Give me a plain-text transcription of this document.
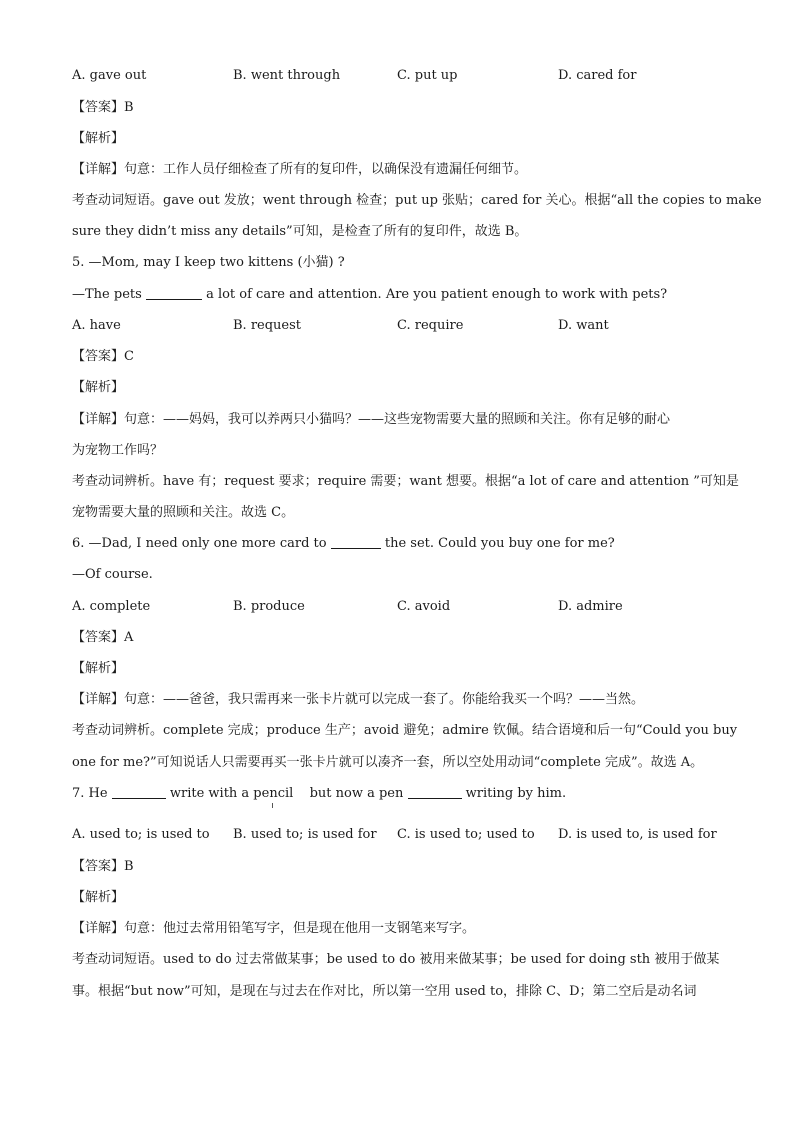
A. gave out	B. went through	C. put up	D. cared for
【答案】B
【解析】
【详解】句意：工作人员仔细检查了所有的复印件，以确保没有遗漏任何细节。
考查动词短语。gave out 发放；went through 检查；put up 张贴；cared for 关心。根据“all the copies to make
sure they didn’t miss any details”可知，是检查了所有的复印件，故选 B。
5. —Mom, may I keep two kittens (小猫) ?
—The pets	a lot of care and attention. Are you patient enough to work with pets?
A. have	B. request	C. require	D. want
【答案】C
【解析】
【详解】句意：——妈妈，我可以养两只小猫吗？——这些宠物需要大量的照顾和关注。你有足够的耐心
为宠物工作吗？
考查动词辨析。have 有；request 要求；require 需要；want 想要。根据“a lot of care and attention ”可知是
宠物需要大量的照顾和关注。故选 C。
6. —Dad, I need only one more card to	the set. Could you buy one for me?
—Of course.
A. complete	B. produce	C. avoid	D. admire
【答案】A
【解析】
【详解】句意：——爸爸，我只需再来一张卡片就可以完成一套了。你能给我买一个吗？——当然。
考查动词辨析。complete 完成；produce 生产；avoid 避免；admire 钦佩。结合语境和后一句“Could you buy
one for me?”可知说话人只需要再买一张卡片就可以凑齐一套，所以空处用动词“complete 完成”。故选 A。
7. He	write with a pencil but now a pen	writing by him.
A. used to; is used to B. used to; is used for C. is used to; used to D. is used to, is used for
【答案】B
【解析】
【详解】句意：他过去常用铅笔写字，但是现在他用一支钢笔来写字。
考查动词短语。used to do 过去常做某事；be used to do 被用来做某事；be used for doing sth 被用于做某
事。根据“but now”可知，是现在与过去在作对比，所以第一空用 used to，排除 C、D；第二空后是动名词
